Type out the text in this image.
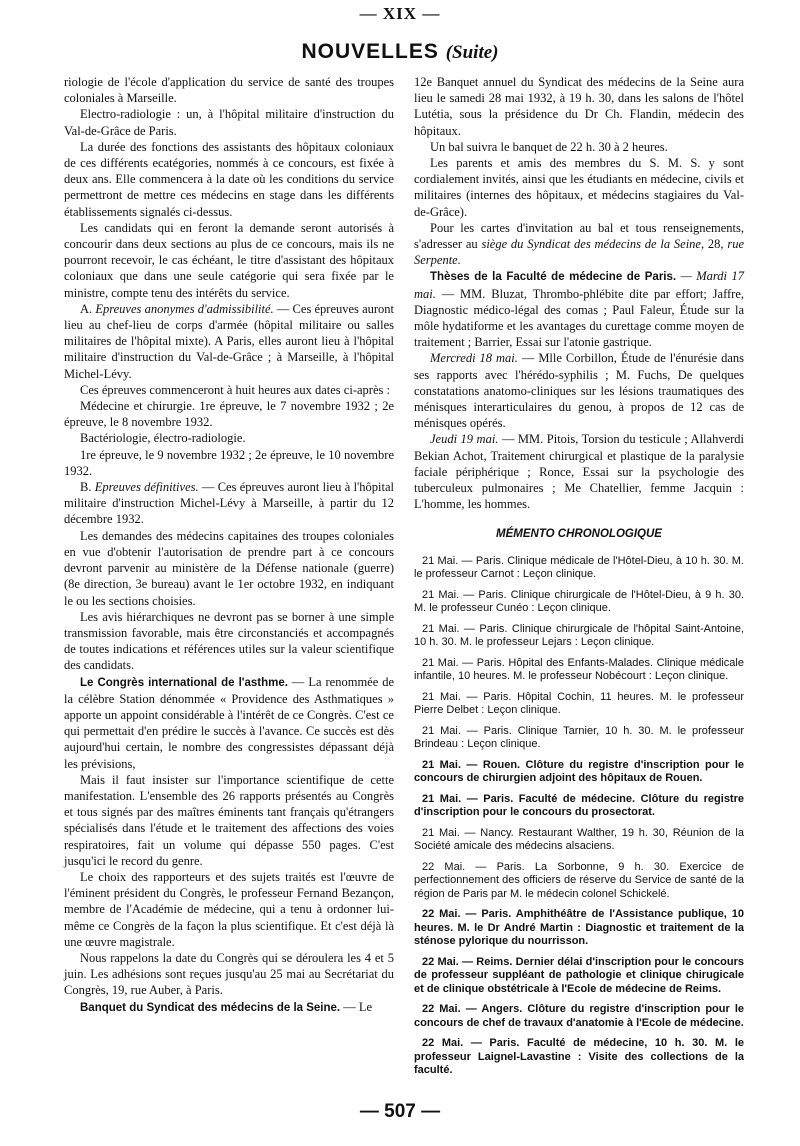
— XIX —
NOUVELLES (Suite)

riologie de l'école d'application du service de santé des troupes coloniales à Marseille.

Electro-radiologie : un, à l'hôpital militaire d'instruction du Val-de-Grâce de Paris.

La durée des fonctions des assistants des hôpitaux coloniaux de ces différents ecatégories, nommés à ce concours, est fixée à deux ans. Elle commencera à la date où les conditions du service permettront de mettre ces médecins en stage dans les différents établissements signalés ci-dessus.

Les candidats qui en feront la demande seront autorisés à concourir dans deux sections au plus de ce concours, mais ils ne pourront recevoir, le cas échéant, le titre d'assistant des hôpitaux coloniaux que dans une seule catégorie qui sera fixée par le ministre, compte tenu des intérêts du service.

A. Epreuves anonymes d'admissibilité. — Ces épreuves auront lieu au chef-lieu de corps d'armée (hôpital militaire ou salles militaires de l'hôpital mixte). A Paris, elles auront lieu à l'hôpital militaire d'instruction du Val-de-Grâce ; à Marseille, à l'hôpital Michel-Lévy.

Ces épreuves commenceront à huit heures aux dates ci-après :

Médecine et chirurgie. 1re épreuve, le 7 novembre 1932 ; 2e épreuve, le 8 novembre 1932.

Bactériologie, électro-radiologie.

1re épreuve, le 9 novembre 1932 ; 2e épreuve, le 10 novembre 1932.

B. Epreuves définitives. — Ces épreuves auront lieu à l'hôpital militaire d'instruction Michel-Lévy à Marseille, à partir du 12 décembre 1932.

Les demandes des médecins capitaines des troupes coloniales en vue d'obtenir l'autorisation de prendre part à ce concours devront parvenir au ministère de la Défense nationale (guerre) (8e direction, 3e bureau) avant le 1er octobre 1932, en indiquant le ou les sections choisies.

Les avis hiérarchiques ne devront pas se borner à une simple transmission favorable, mais être circonstanciés et accompagnés de toutes indications et références utiles sur la valeur scientifique des candidats.

Le Congrès international de l'asthme. — La renommée de la célèbre Station dénommée « Providence des Asthmatiques » apporte un appoint considérable à l'intérêt de ce Congrès. C'est ce qui permettait d'en prédire le succès à l'avance. Ce succès est dès aujourd'hui certain, le nombre des congressistes dépassant déjà les prévisions,

Mais il faut insister sur l'importance scientifique de cette manifestation. L'ensemble des 26 rapports présentés au Congrès et tous signés par des maîtres éminents tant français qu'étrangers spécialisés dans l'étude et le traitement des affections des voies respiratoires, fait un volume qui dépasse 550 pages. C'est jusqu'ici le record du genre.

Le choix des rapporteurs et des sujets traités est l'œuvre de l'éminent président du Congrès, le professeur Fernand Bezançon, membre de l'Académie de médecine, qui a tenu à ordonner lui-même ce Congrès de la façon la plus scientifique. Et c'est déjà là une œuvre magistrale.

Nous rappelons la date du Congrès qui se déroulera les 4 et 5 juin. Les adhésions sont reçues jusqu'au 25 mai au Secrétariat du Congrès, 19, rue Auber, à Paris.

Banquet du Syndicat des médecins de la Seine. — Le

12e Banquet annuel du Syndicat des médecins de la Seine aura lieu le samedi 28 mai 1932, à 19 h. 30, dans les salons de l'hôtel Lutétia, sous la présidence du Dr Ch. Flandin, médecin des hôpitaux.

Un bal suivra le banquet de 22 h. 30 à 2 heures.

Les parents et amis des membres du S. M. S. y sont cordialement invités, ainsi que les étudiants en médecine, civils et militaires (internes des hôpitaux, et médecins stagiaires du Val-de-Grâce).

Pour les cartes d'invitation au bal et tous renseignements, s'adresser au siège du Syndicat des médecins de la Seine, 28, rue Serpente.

Thèses de la Faculté de médecine de Paris. — Mardi 17 mai. — MM. Bluzat, Thrombo-phlébite dite par effort; Jaffre, Diagnostic médico-légal des comas ; Paul Faleur, Étude sur la môle hydatiforme et les avantages du curettage comme moyen de traitement ; Barrier, Essai sur l'atonie gastrique.

Mercredi 18 mai. — Mlle Corbillon, Étude de l'énurésie dans ses rapports avec l'hérédo-syphilis ; M. Fuchs, De quelques constatations anatomo-cliniques sur les lésions traumatiques des ménisques interarticulaires du genou, à propos de 12 cas de ménisques opérés.

Jeudi 19 mai. — MM. Pitois, Torsion du testicule ; Allahverdi Bekian Achot, Traitement chirurgical et plastique de la paralysie faciale périphérique ; Ronce, Essai sur la psychologie des tuberculeux pulmonaires ; Me Chatellier, femme Jacquin : L'homme, les hommes.

MÉMENTO CHRONOLOGIQUE

21 Mai. — Paris. Clinique médicale de l'Hôtel-Dieu, à 10 h. 30. M. le professeur Carnot : Leçon clinique.

21 Mai. — Paris. Clinique chirurgicale de l'Hôtel-Dieu, à 9 h. 30. M. le professeur Cunéo : Leçon clinique.

21 Mai. — Paris. Clinique chirurgicale de l'hôpital Saint-Antoine, 10 h. 30. M. le professeur Lejars : Leçon clinique.

21 Mai. — Paris. Hôpital des Enfants-Malades. Clinique médicale infantile, 10 heures. M. le professeur Nobécourt : Leçon clinique.

21 Mai. — Paris. Hôpital Cochin, 11 heures. M. le professeur Pierre Delbet : Leçon clinique.

21 Mai. — Paris. Clinique Tarnier, 10 h. 30. M. le professeur Brindeau : Leçon clinique.

21 Mai. — Rouen. Clôture du registre d'inscription pour le concours de chirurgien adjoint des hôpitaux de Rouen.

21 Mai. — Paris. Faculté de médecine. Clôture du registre d'inscription pour le concours du prosectorat.

21 Mai. — Nancy. Restaurant Walther, 19 h. 30, Réunion de la Société amicale des médecins alsaciens.

22 Mai. — Paris. La Sorbonne, 9 h. 30. Exercice de perfectionnement des officiers de réserve du Service de santé de la région de Paris par M. le médecin colonel Schickelé.

22 Mai. — Paris. Amphithéâtre de l'Assistance publique, 10 heures. M. le Dr André Martin : Diagnostic et traitement de la sténose pylorique du nourrisson.

22 Mai. — Reims. Dernier délai d'inscription pour le concours de professeur suppléant de pathologie et clinique chirugicale et de clinique obstétricale à l'Ecole de médecine de Reims.

22 Mai. — Angers. Clôture du registre d'inscription pour le concours de chef de travaux d'anatomie à l'Ecole de médecine.

22 Mai. — Paris. Faculté de médecine, 10 h. 30. M. le professeur Laignel-Lavastine : Visite des collections de la faculté.

— 507 —
